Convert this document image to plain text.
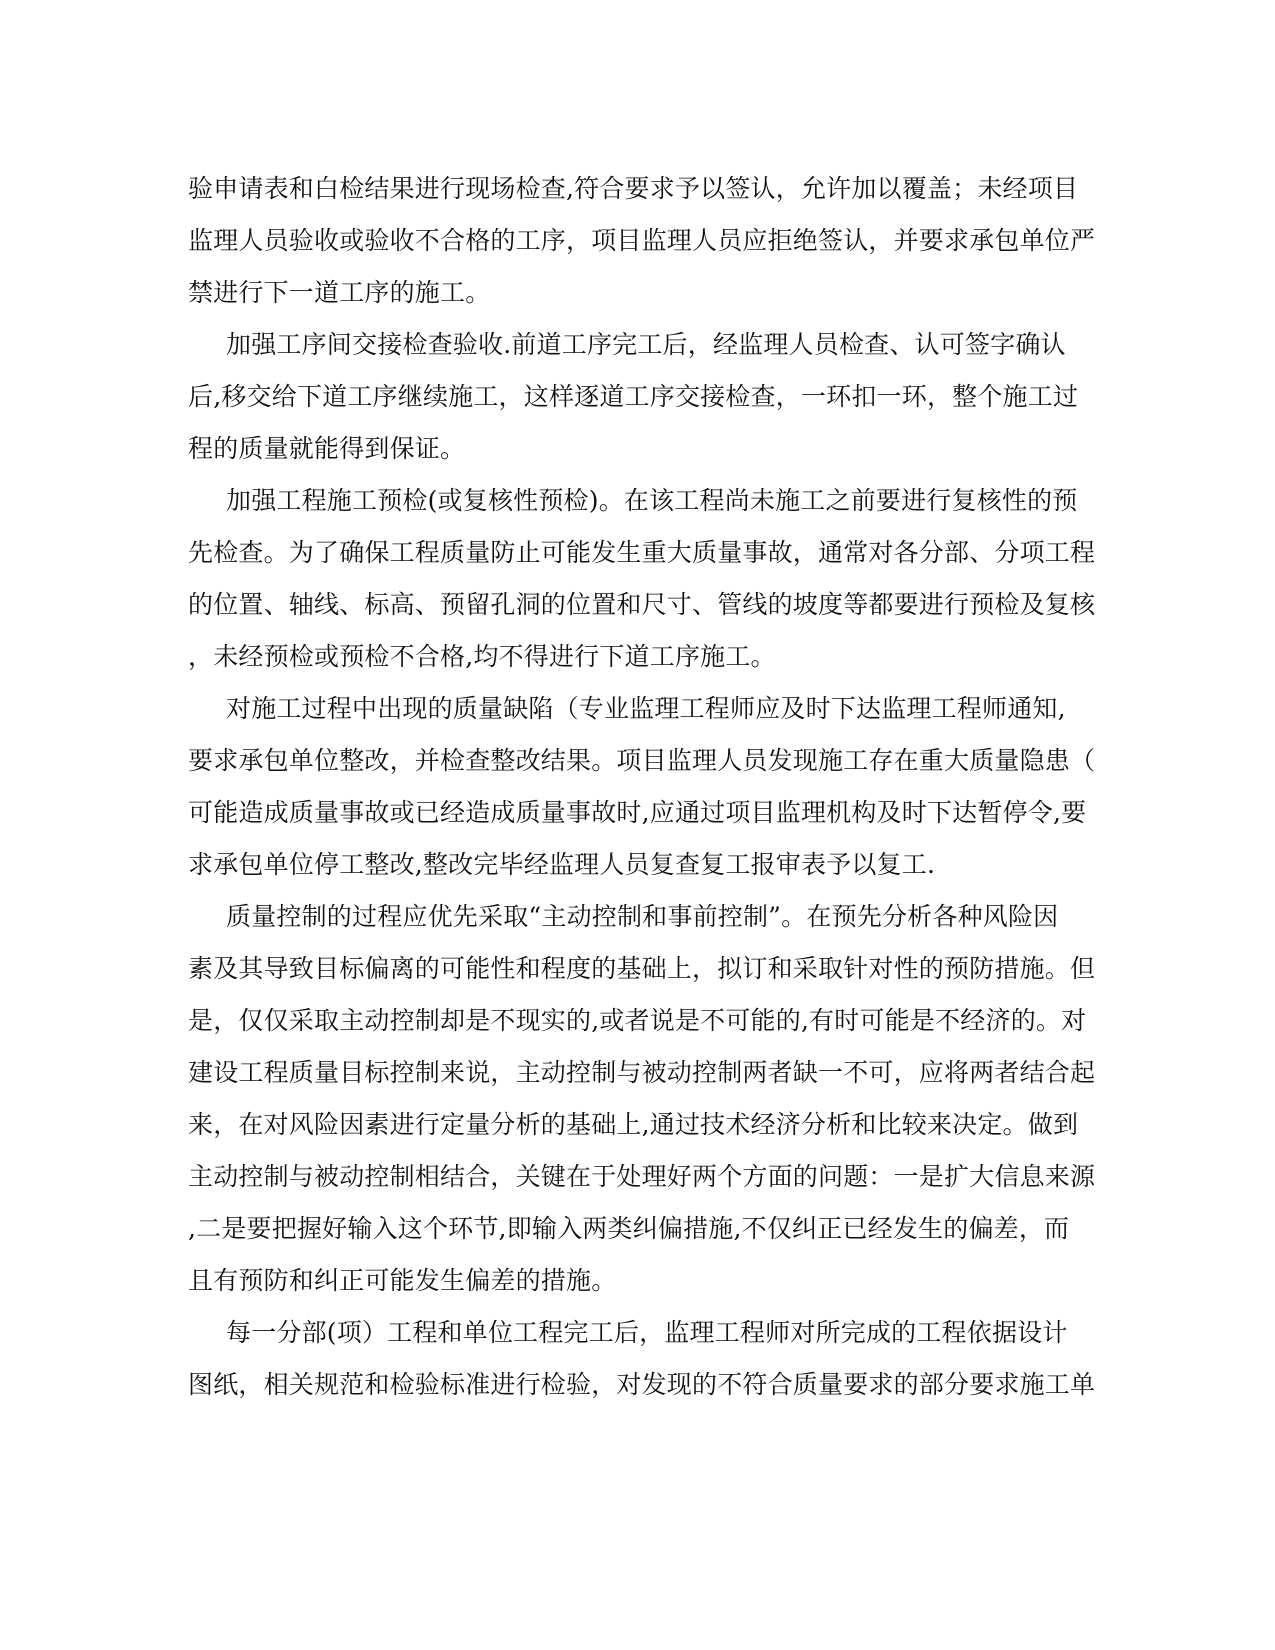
验申请表和白检结果进行现场检查,符合要求予以签认，允许加以覆盖；未经项目
监理人员验收或验收不合格的工序，项目监理人员应拒绝签认，并要求承包单位严
禁进行下一道工序的施工。
加强工序间交接检查验收.前道工序完工后，经监理人员检查、认可签字确认
后,移交给下道工序继续施工，这样逐道工序交接检查，一环扣一环，整个施工过
程的质量就能得到保证。
加强工程施工预检(或复核性预检)。在该工程尚未施工之前要进行复核性的预
先检查。为了确保工程质量防止可能发生重大质量事故，通常对各分部、分项工程
的位置、轴线、标高、预留孔洞的位置和尺寸、管线的坡度等都要进行预检及复核
，未经预检或预检不合格,均不得进行下道工序施工。
对施工过程中出现的质量缺陷（专业监理工程师应及时下达监理工程师通知,
要求承包单位整改，并检查整改结果。项目监理人员发现施工存在重大质量隐患（
可能造成质量事故或已经造成质量事故时,应通过项目监理机构及时下达暂停令,要
求承包单位停工整改,整改完毕经监理人员复查复工报审表予以复工.
质量控制的过程应优先采取“主动控制和事前控制”。在预先分析各种风险因
素及其导致目标偏离的可能性和程度的基础上，拟订和采取针对性的预防措施。但
是，仅仅采取主动控制却是不现实的,或者说是不可能的,有时可能是不经济的。对
建设工程质量目标控制来说，主动控制与被动控制两者缺一不可，应将两者结合起
来，在对风险因素进行定量分析的基础上,通过技术经济分析和比较来决定。做到
主动控制与被动控制相结合，关键在于处理好两个方面的问题：一是扩大信息来源
,二是要把握好输入这个环节,即输入两类纠偏措施,不仅纠正已经发生的偏差，而
且有预防和纠正可能发生偏差的措施。
每一分部(项）工程和单位工程完工后，监理工程师对所完成的工程依据设计
图纸，相关规范和检验标准进行检验，对发现的不符合质量要求的部分要求施工单
